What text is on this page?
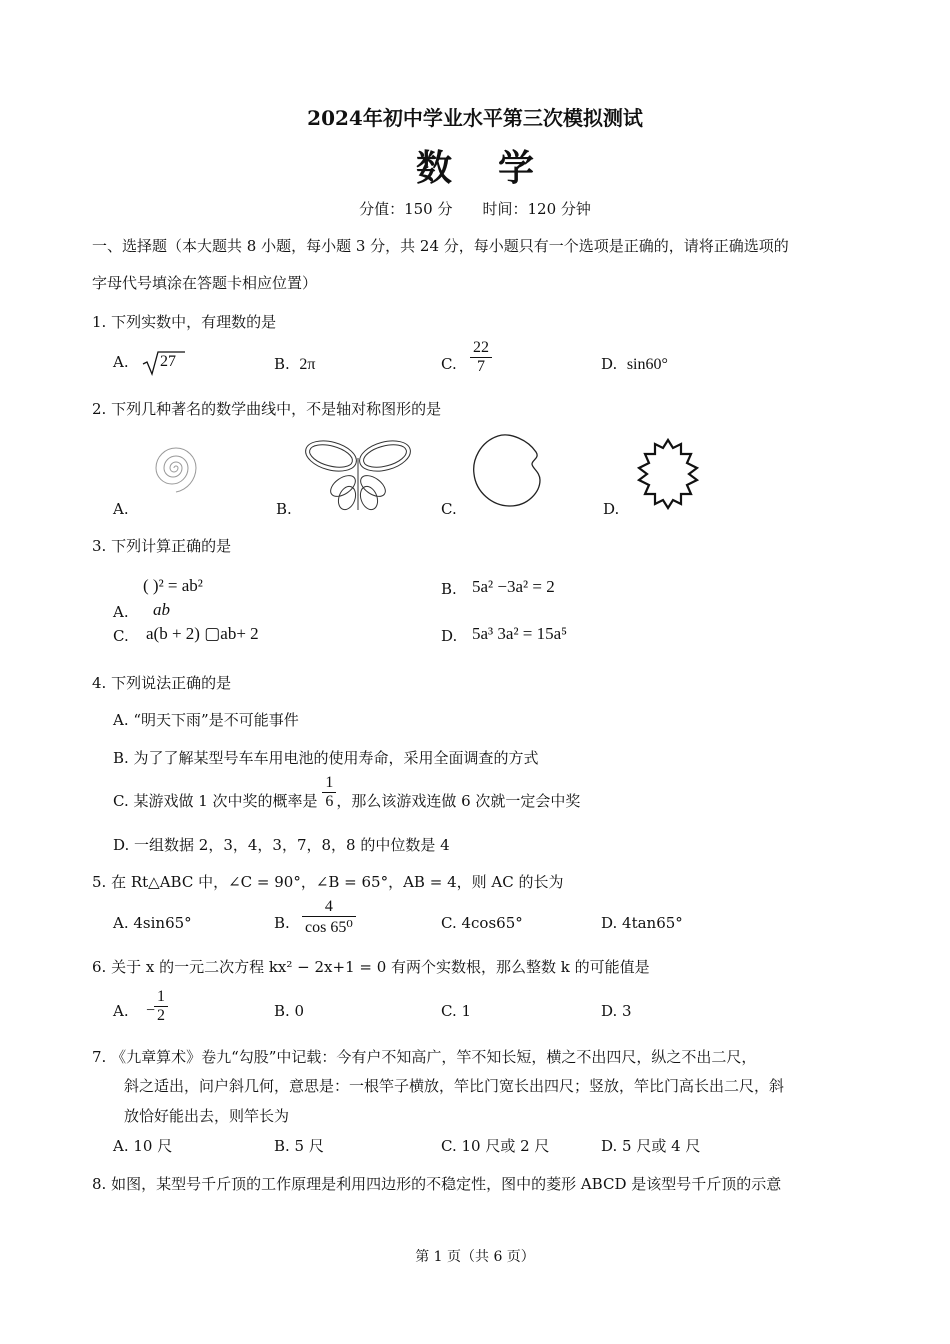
2024年初中学业水平第三次模拟测试
数学
分值：150 分　　时间：120 分钟
一、选择题（本大题共 8 小题，每小题 3 分，共 24 分，每小题只有一个选项是正确的，请将正确选项的
字母代号填涂在答题卡相应位置）
1. 下列实数中，有理数的是
A.	27	B. 2π	C. $\frac{22}{7}$	D. sin60°
2. 下列几种著名的数学曲线中，不是轴对称图形的是
A.	B.	C.	D.
3. 下列计算正确的是
( )² = ab²
A. ab
B. 5a² −3a² = 2
C. a(b + 2) ▢ab+ 2	D. 5a³ 3a² = 15a⁵
4. 下列说法正确的是
A. “明天下雨”是不可能事件
B. 为了了解某型号车车用电池的使用寿命，采用全面调查的方式
C. 某游戏做 1 次中奖的概率是 $\frac{1}{6}$ ，那么该游戏连做 6 次就一定会中奖
D. 一组数据 2，3，4，3，7，8，8 的中位数是 4
5. 在 Rt△ABC 中，∠C = 90°，∠B = 65°，AB = 4，则 AC 的长为
A. 4sin65°	B. $\frac{4}{\text{cos 65⁰}}$	C. 4cos65°	D. 4tan65°
6. 关于 x 的一元二次方程 kx² − 2x+1 = 0 有两个实数根，那么整数 k 的可能值是
A. −
$\frac{1}{2}$	B. 0	C. 1	D. 3
7. 《九章算术》卷九“勾股”中记载：今有户不知高广，竿不知长短，横之不出四尺，纵之不出二尺，
斜之适出，问户斜几何，意思是：一根竿子横放，竿比门宽长出四尺；竖放，竿比门高长出二尺，斜
放恰好能出去，则竿长为
A. 10 尺	B. 5 尺	C. 10 尺或 2 尺	D. 5 尺或 4 尺
8. 如图，某型号千斤顶的工作原理是利用四边形的不稳定性，图中的菱形 ABCD 是该型号千斤顶的示意
第 1 页（共 6 页）
